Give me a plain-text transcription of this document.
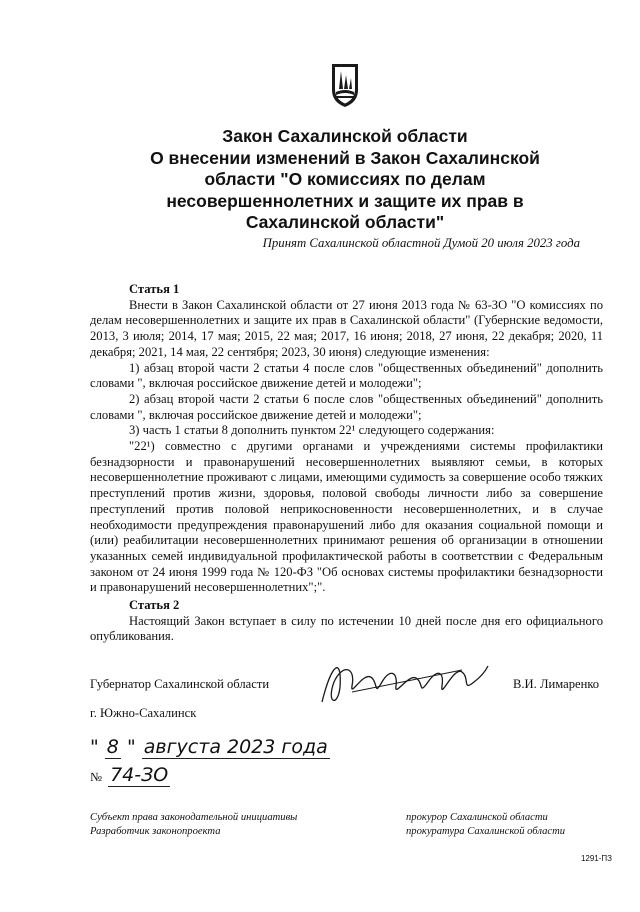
Закон Сахалинской области
О внесении изменений в Закон Сахалинской
области "О комиссиях по делам
несовершеннолетних и защите их прав в
Сахалинской области"
Принят Сахалинской областной Думой 20 июля 2023 года

Статья 1

Внести в Закон Сахалинской области от 27 июня 2013 года № 63-ЗО "О комиссиях по делам несовершеннолетних и защите их прав в Сахалинской области" (Губернские ведомости, 2013, 3 июля; 2014, 17 мая; 2015, 22 мая; 2017, 16 июня; 2018, 27 июня, 22 декабря; 2020, 11 декабря; 2021, 14 мая, 22 сентября; 2023, 30 июня) следующие изменения:

1) абзац второй части 2 статьи 4 после слов "общественных объединений" дополнить словами ", включая российское движение детей и молодежи";

2) абзац второй части 2 статьи 6 после слов "общественных объединений" дополнить словами ", включая российское движение детей и молодежи";

3) часть 1 статьи 8 дополнить пунктом 22¹ следующего содержания:

"22¹) совместно с другими органами и учреждениями системы профилактики безнадзорности и правонарушений несовершеннолетних выявляют семьи, в которых несовершеннолетние проживают с лицами, имеющими судимость за совершение особо тяжких преступлений против жизни, здоровья, половой свободы личности либо за совершение преступлений против половой неприкосновенности несовершеннолетних, и в случае необходимости предупреждения правонарушений либо для оказания социальной помощи и (или) реабилитации несовершеннолетних принимают решения об организации в отношении указанных семей индивидуальной профилактической работы в соответствии с Федеральным законом от 24 июня 1999 года № 120-ФЗ "Об основах системы профилактики безнадзорности и правонарушений несовершеннолетних";".

Статья 2

Настоящий Закон вступает в силу по истечении 10 дней после дня его официального опубликования.

Губернатор Сахалинской области	В.И. Лимаренко
г. Южно-Сахалинск
" 8 " августа 2023 года
№ 74-ЗО
Субъект права законодательной инициативы
Разработчик законопроекта
прокурор Сахалинской области
прокуратура Сахалинской области
1291-ПЗ
